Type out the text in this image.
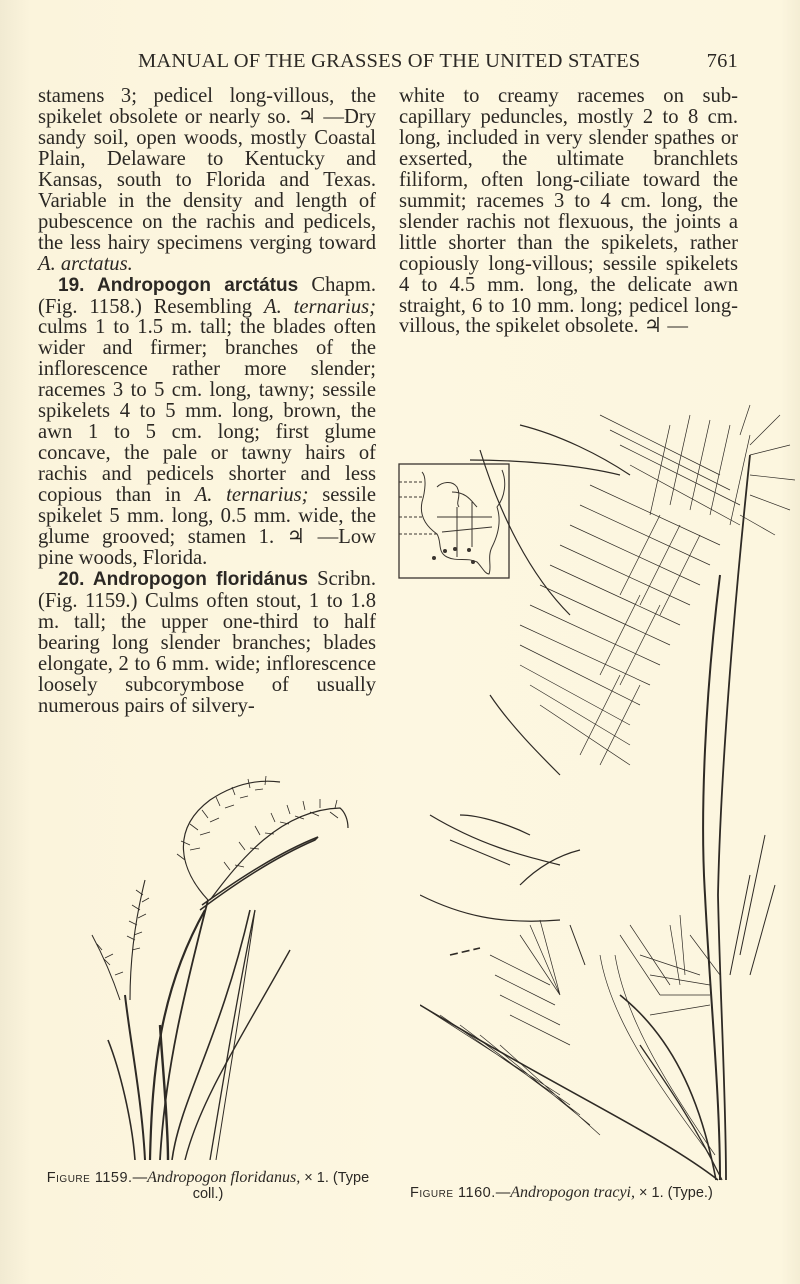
MANUAL OF THE GRASSES OF THE UNITED STATES	761

stamens 3; pedicel long-villous, the spikelet obsolete or nearly so. ♃ —Dry sandy soil, open woods, mostly Coastal Plain, Delaware to Kentucky and Kansas, south to Florida and Texas. Variable in the density and length of pubescence on the rachis and pedicels, the less hairy specimens verging toward A. arctatus.

19. Andropogon arctátus Chapm. (Fig. 1158.) Resembling A. ternarius; culms 1 to 1.5 m. tall; the blades often wider and firmer; branches of the inflorescence rather more slender; racemes 3 to 5 cm. long, tawny; sessile spikelets 4 to 5 mm. long, brown, the awn 1 to 5 cm. long; first glume concave, the pale or tawny hairs of rachis and pedicels shorter and less copious than in A. ternarius; sessile spikelet 5 mm. long, 0.5 mm. wide, the glume grooved; stamen 1. ♃ —Low pine woods, Florida.

20. Andropogon floridánus Scribn. (Fig. 1159.) Culms often stout, 1 to 1.8 m. tall; the upper one-third to half bearing long slender branches; blades elongate, 2 to 6 mm. wide; inflorescence loosely subcorymbose of usually numerous pairs of silvery-

white to creamy racemes on sub-capillary peduncles, mostly 2 to 8 cm. long, included in very slender spathes or exserted, the ultimate branchlets filiform, often long-ciliate toward the summit; racemes 3 to 4 cm. long, the slender rachis not flexuous, the joints a little shorter than the spikelets, rather copiously long-villous; sessile spikelets 4 to 4.5 mm. long, the delicate awn straight, 6 to 10 mm. long; pedicel long-villous, the spikelet obsolete. ♃ —

Figure 1159.—Andropogon floridanus, × 1. (Type coll.)	Figure 1160.—Andropogon tracyi, × 1. (Type.)
